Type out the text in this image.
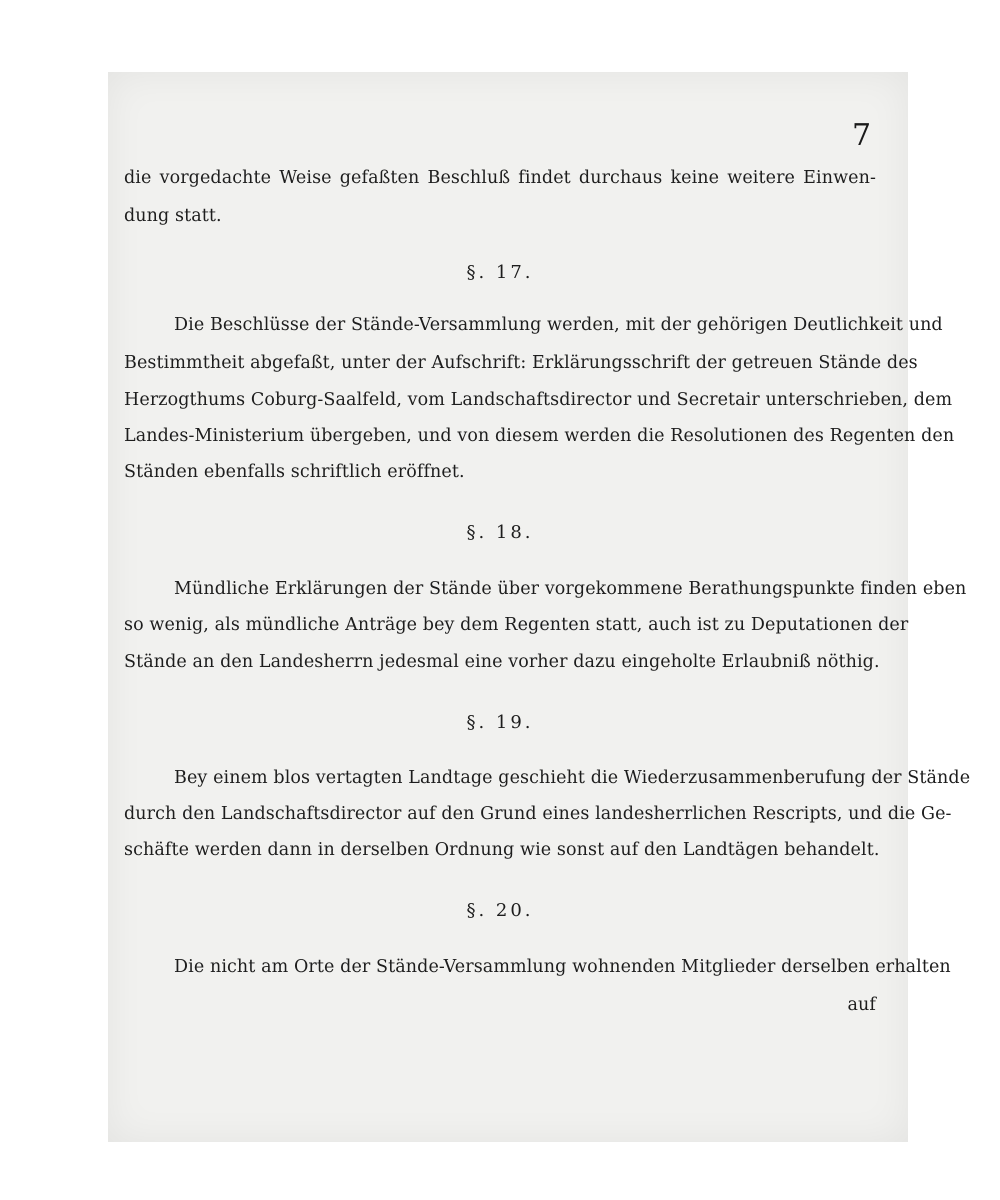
7
die vorgedachte Weise gefaßten Beschluß findet durchaus keine weitere Einwen-
dung statt.
§. 17.
Die Beschlüsse der Stände-Versammlung werden, mit der gehörigen Deutlichkeit und
Bestimmtheit abgefaßt, unter der Aufschrift: Erklärungsschrift der getreuen Stände des
Herzogthums Coburg-Saalfeld, vom Landschaftsdirector und Secretair unterschrieben, dem
Landes-Ministerium übergeben, und von diesem werden die Resolutionen des Regenten den
Ständen ebenfalls schriftlich eröffnet.
§. 18.
Mündliche Erklärungen der Stände über vorgekommene Berathungspunkte finden eben
so wenig, als mündliche Anträge bey dem Regenten statt, auch ist zu Deputationen der
Stände an den Landesherrn jedesmal eine vorher dazu eingeholte Erlaubniß nöthig.
§. 19.
Bey einem blos vertagten Landtage geschieht die Wiederzusammenberufung der Stände
durch den Landschaftsdirector auf den Grund eines landesherrlichen Rescripts, und die Ge-
schäfte werden dann in derselben Ordnung wie sonst auf den Landtägen behandelt.
§. 20.
Die nicht am Orte der Stände-Versammlung wohnenden Mitglieder derselben erhalten
auf
